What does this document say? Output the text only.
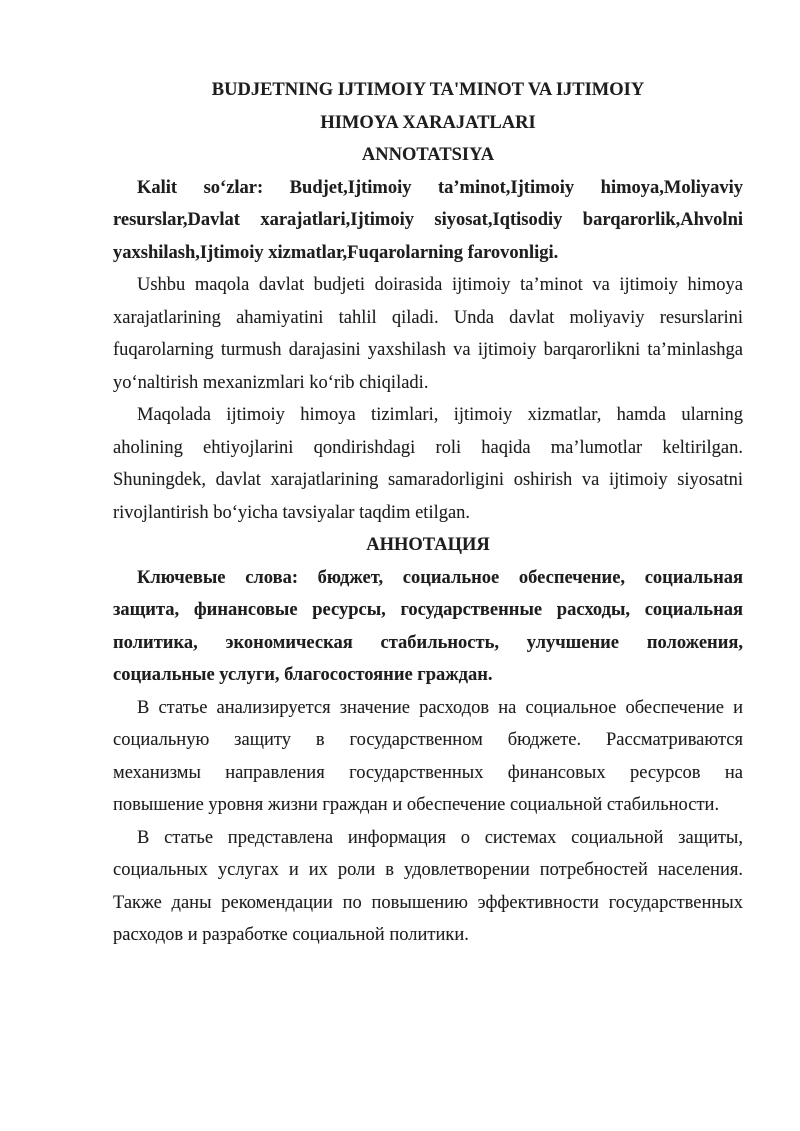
BUDJETNING IJTIMOIY TA'MINOT VA IJTIMOIY
HIMOYA XARAJATLARI
ANNOTATSIYA

Kalit so‘zlar: Budjet,Ijtimoiy ta’minot,Ijtimoiy himoya,Moliyaviy
resurslar,Davlat xarajatlari,Ijtimoiy siyosat,Iqtisodiy barqarorlik,Ahvolni
yaxshilash,Ijtimoiy xizmatlar,Fuqarolarning farovonligi.

Ushbu maqola davlat budjeti doirasida ijtimoiy ta’minot va ijtimoiy himoya
xarajatlarining ahamiyatini tahlil qiladi. Unda davlat moliyaviy resurslarini
fuqarolarning turmush darajasini yaxshilash va ijtimoiy barqarorlikni ta’minlashga
yo‘naltirish mexanizmlari ko‘rib chiqiladi.

Maqolada ijtimoiy himoya tizimlari, ijtimoiy xizmatlar, hamda ularning
aholining ehtiyojlarini qondirishdagi roli haqida ma’lumotlar keltirilgan.
Shuningdek, davlat xarajatlarining samaradorligini oshirish va ijtimoiy siyosatni
rivojlantirish bo‘yicha tavsiyalar taqdim etilgan.

АННОТАЦИЯ

Ключевые слова: бюджет, социальное обеспечение, социальная
защита, финансовые ресурсы, государственные расходы, социальная
политика, экономическая стабильность, улучшение положения,
социальные услуги, благосостояние граждан.

В статье анализируется значение расходов на социальное обеспечение и
социальную защиту в государственном бюджете. Рассматриваются
механизмы направления государственных финансовых ресурсов на
повышение уровня жизни граждан и обеспечение социальной стабильности.

В статье представлена информация о системах социальной защиты,
социальных услугах и их роли в удовлетворении потребностей населения.
Также даны рекомендации по повышению эффективности государственных
расходов и разработке социальной политики.
